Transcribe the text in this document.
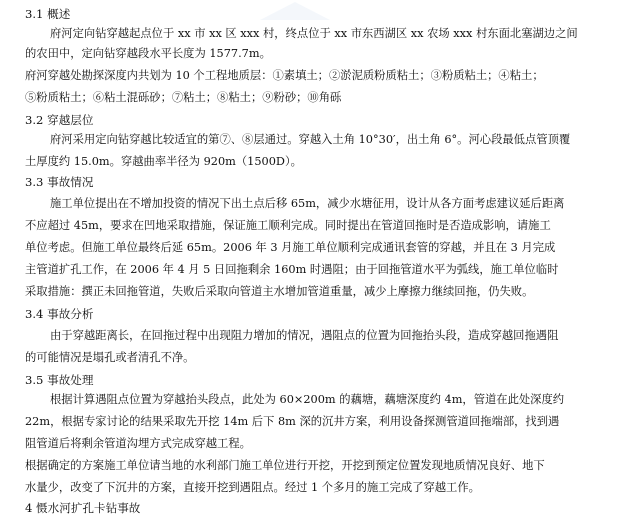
3.1 概述
府河定向钻穿越起点位于 xx 市 xx 区 xxx 村，终点位于 xx 市东西湖区 xx 农场 xxx 村东面北塞湖边之间
的农田中，定向钻穿越段水平长度为 1577.7m。
府河穿越处勘探深度内共划为 10 个工程地质层：①素填土；②淤泥质粉质粘土；③粉质粘土；④粘土；
⑤粉质粘土；⑥粘土混砾砂；⑦粘土；⑧粘土；⑨粉砂；⑩角砾
3.2 穿越层位
府河采用定向钻穿越比较适宜的第⑦、⑧层通过。穿越入土角 10°30′，出土角 6°。河心段最低点管顶覆
土厚度约 15.0m。穿越曲率半径为 920m（1500D）。
3.3 事故情况
施工单位提出在不增加投资的情况下出土点后移 65m，减少水塘征用，设计从各方面考虑建议延后距离
不应超过 45m，要求在凹地采取措施，保证施工顺利完成。同时提出在管道回拖时是否造成影响，请施工
单位考虑。但施工单位最终后延 65m。2006 年 3 月施工单位顺利完成通讯套管的穿越，并且在 3 月完成
主管道扩孔工作，在 2006 年 4 月 5 日回拖剩余 160m 时遇阻；由于回拖管道水平为弧线，施工单位临时
采取措施：撰正未回拖管道，失败后采取向管道主水增加管道重量，减少上摩擦力继续回拖，仍失败。
3.4 事故分析
由于穿越距离长，在回拖过程中出现阻力增加的情况，遇阻点的位置为回拖抬头段，造成穿越回拖遇阻
的可能情况是塌孔或者清孔不净。
3.5 事故处理
根据计算遇阻点位置为穿越抬头段点，此处为 60×200m 的藕塘，藕塘深度约 4m，管道在此处深度约
22m，根据专家讨论的结果采取先开挖 14m 后下 8m 深的沉井方案，利用设备探测管道回拖端部，找到遇
阻管道后将剩余管道沟埋方式完成穿越工程。
根据确定的方案施工单位请当地的水利部门施工单位进行开挖，开挖到预定位置发现地质情况良好、地下
水量少，改变了下沉井的方案，直接开挖到遇阻点。经过 1 个多月的施工完成了穿越工作。
4 慑水河扩孔卡钻事故
